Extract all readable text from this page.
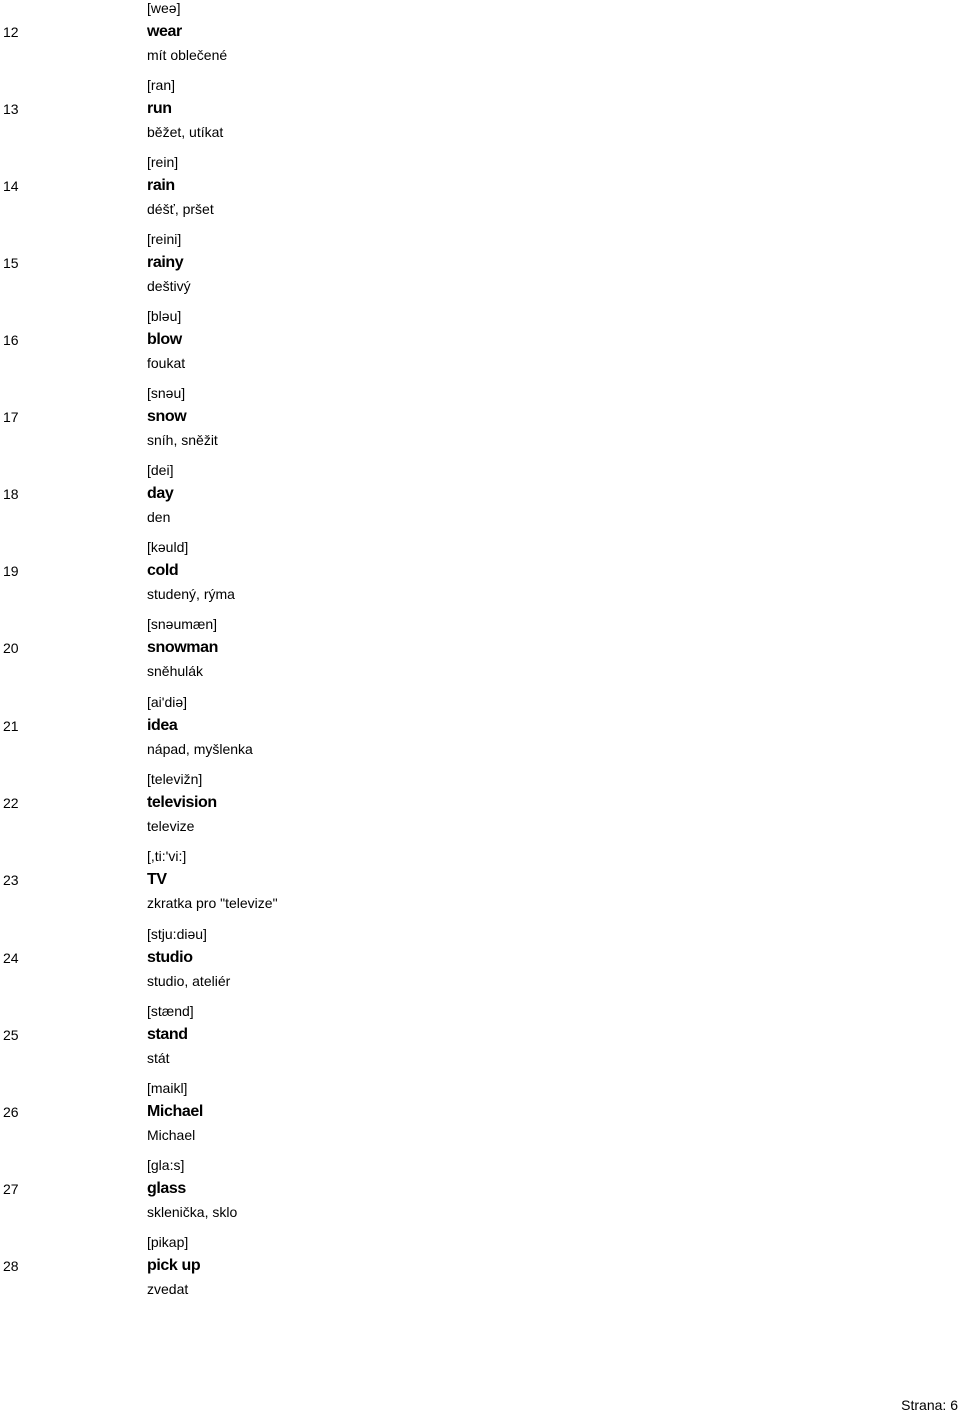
12
[weə]
wear
mít oblečené
13
[ran]
run
běžet, utíkat
14
[rein]
rain
déšť, pršet
15
[reini]
rainy
deštivý
16
[bləu]
blow
foukat
17
[snəu]
snow
sníh, sněžit
18
[dei]
day
den
19
[kəuld]
cold
studený, rýma
20
[snəumæn]
snowman
sněhulák
21
[ai'diə]
idea
nápad, myšlenka
22
[televižn]
television
televize
23
[,ti:'vi:]
TV
zkratka pro "televize"
24
[stju:diəu]
studio
studio, ateliér
25
[stænd]
stand
stát
26
[maikl]
Michael
Michael
27
[gla:s]
glass
sklenička, sklo
28
[pikap]
pick up
zvedat
Strana: 6
